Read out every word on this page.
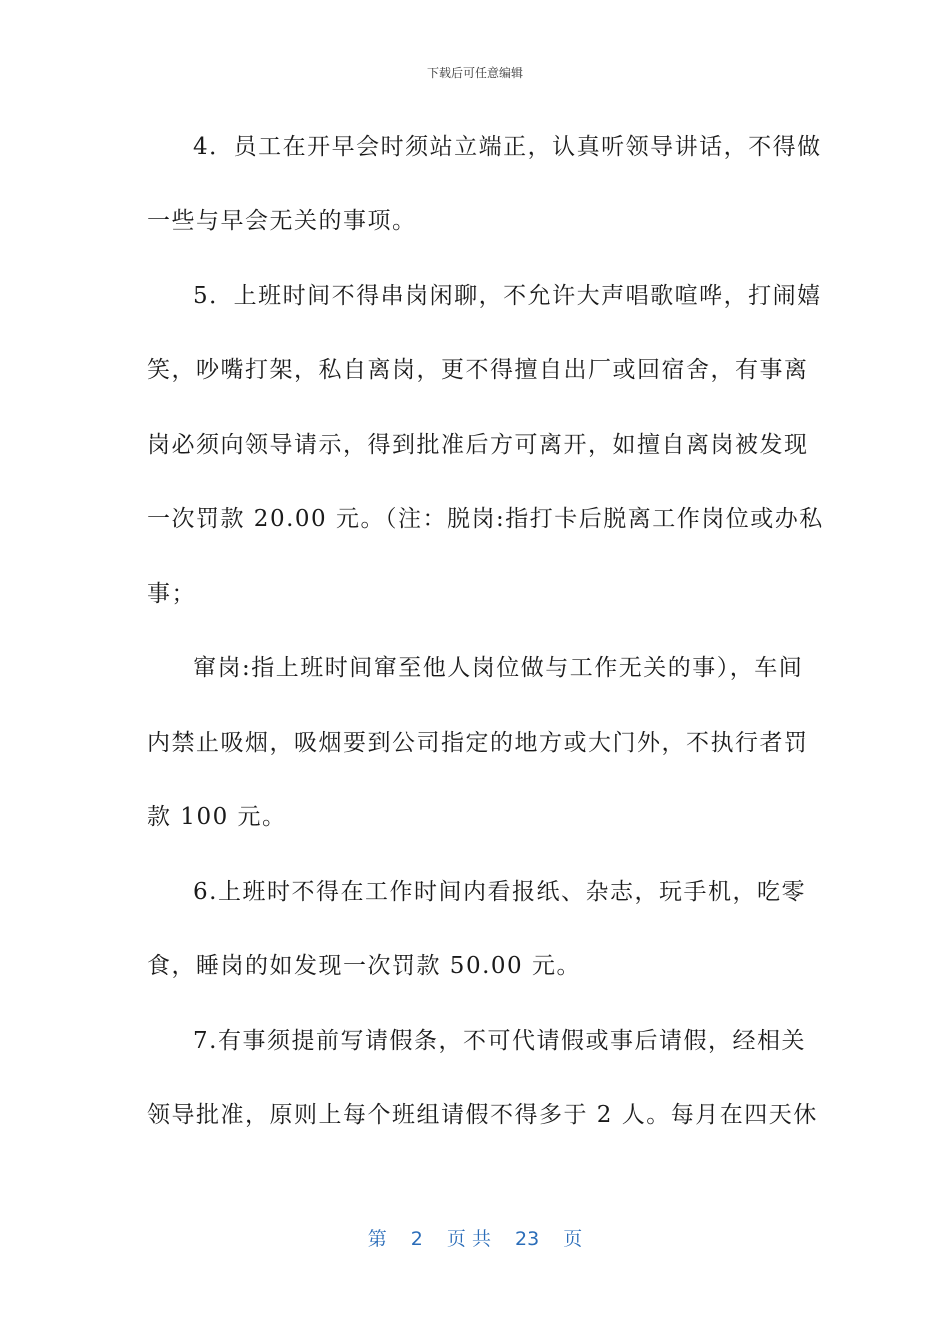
下载后可任意编辑
4．员工在开早会时须站立端正，认真听领导讲话，不得做
一些与早会无关的事项。
5．上班时间不得串岗闲聊，不允许大声唱歌喧哗，打闹嬉
笑，吵嘴打架，私自离岗，更不得擅自出厂或回宿舍，有事离
岗必须向领导请示，得到批准后方可离开，如擅自离岗被发现
一次罚款 20.00 元。（注：脱岗:指打卡后脱离工作岗位或办私
事；
窜岗:指上班时间窜至他人岗位做与工作无关的事），车间
内禁止吸烟，吸烟要到公司指定的地方或大门外，不执行者罚
款 100 元。
6.上班时不得在工作时间内看报纸、杂志，玩手机，吃零
食，睡岗的如发现一次罚款 50.00 元。
7.有事须提前写请假条，不可代请假或事后请假，经相关
领导批准，原则上每个班组请假不得多于 2 人。每月在四天休
第 2 页 共 23 页
